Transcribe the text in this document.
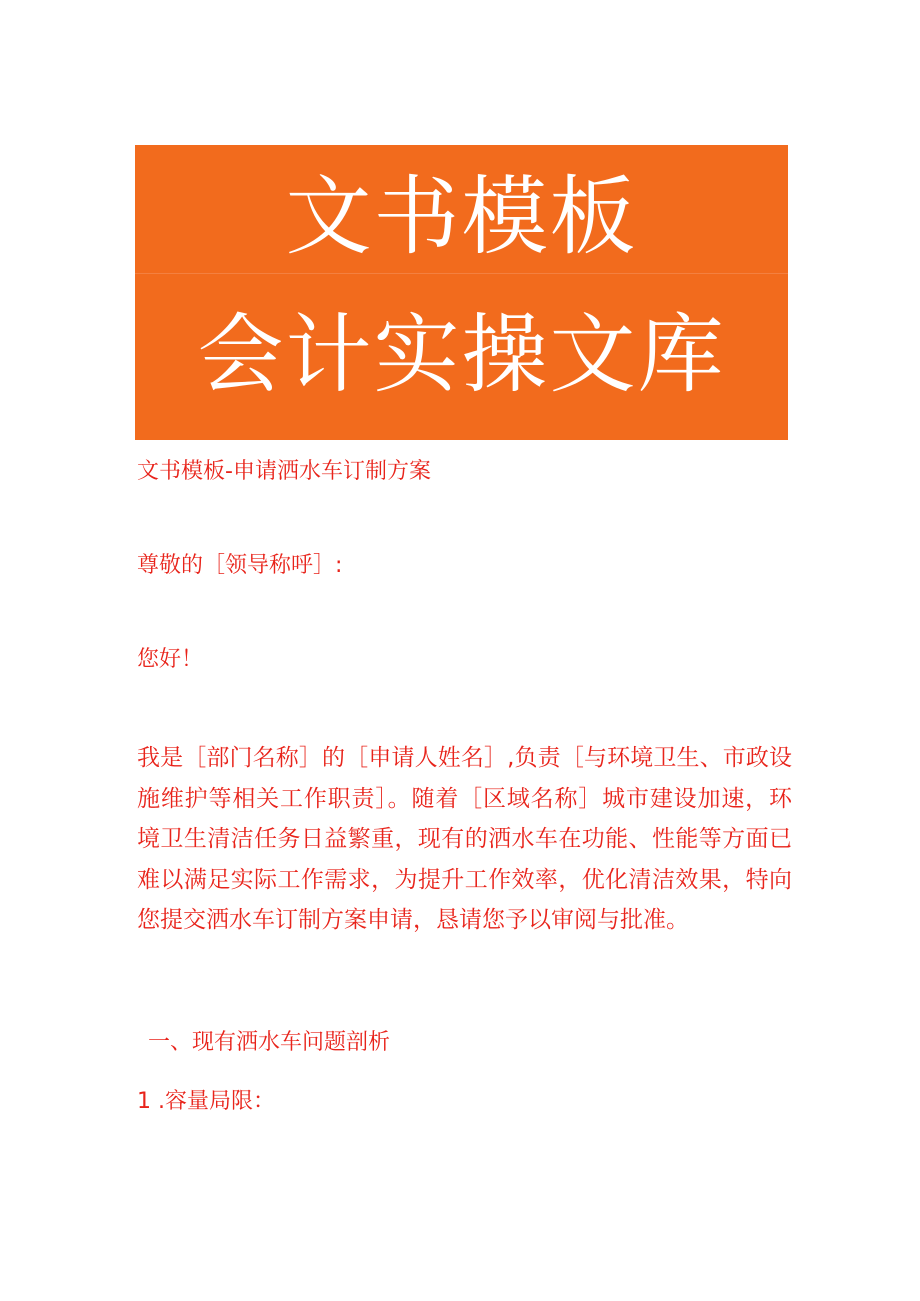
文书模板
会计实操文库
文书模板-申请洒水车订制方案
尊敬的［领导称呼］:
您好！
我是［部门名称］的［申请人姓名］,负责［与环境卫生、市政设施维护等相关工作职责］。随着［区域名称］城市建设加速，环境卫生清洁任务日益繁重，现有的洒水车在功能、性能等方面已难以满足实际工作需求，为提升工作效率，优化清洁效果，特向您提交洒水车订制方案申请，恳请您予以审阅与批准。
一、现有洒水车问题剖析
1 .容量局限：
